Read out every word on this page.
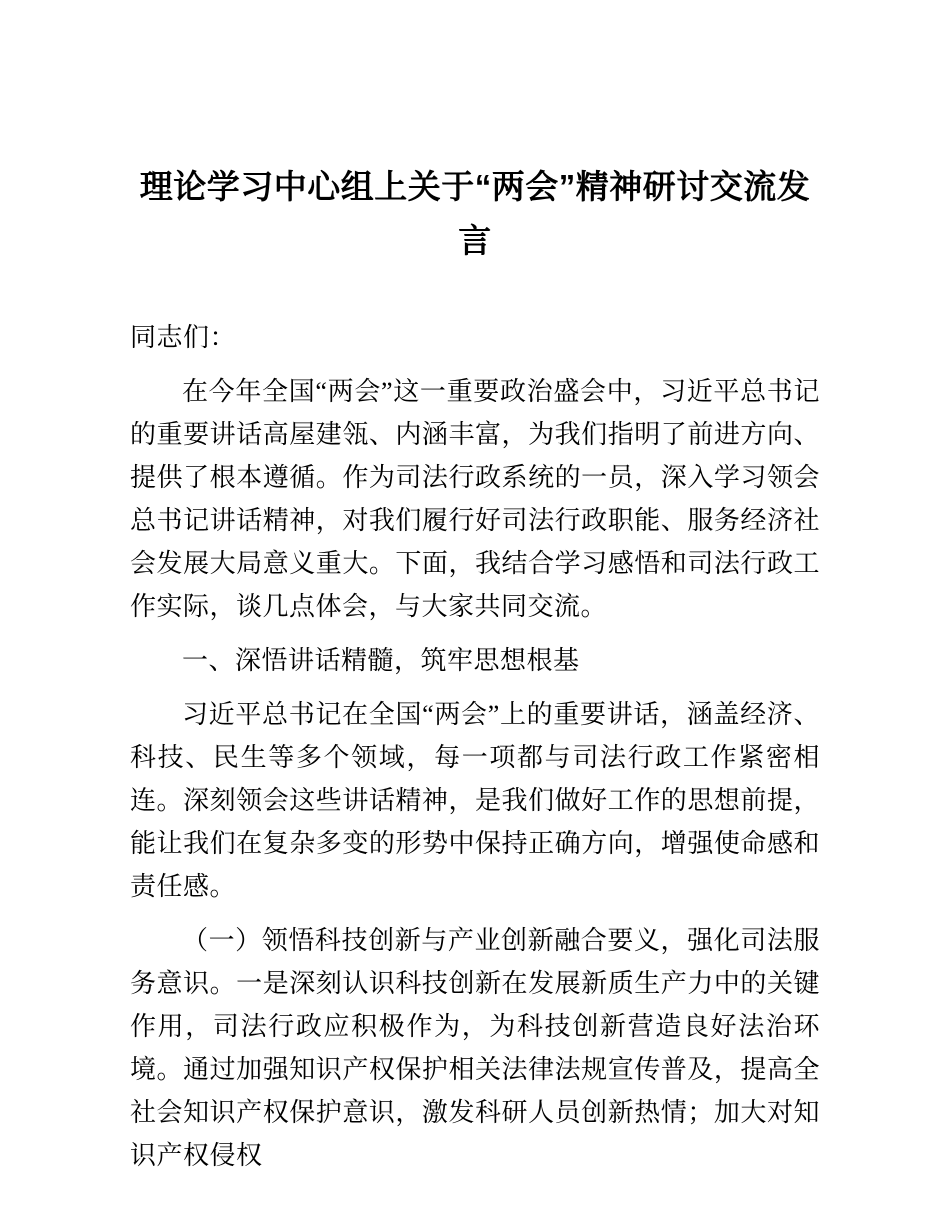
理论学习中心组上关于“两会”精神研讨交流发言

同志们：

在今年全国“两会”这一重要政治盛会中，习近平总书记的重要讲话高屋建瓴、内涵丰富，为我们指明了前进方向、提供了根本遵循。作为司法行政系统的一员，深入学习领会总书记讲话精神，对我们履行好司法行政职能、服务经济社会发展大局意义重大。下面，我结合学习感悟和司法行政工作实际，谈几点体会，与大家共同交流。

一、深悟讲话精髓，筑牢思想根基

习近平总书记在全国“两会”上的重要讲话，涵盖经济、科技、民生等多个领域，每一项都与司法行政工作紧密相连。深刻领会这些讲话精神，是我们做好工作的思想前提，能让我们在复杂多变的形势中保持正确方向，增强使命感和责任感。

（一）领悟科技创新与产业创新融合要义，强化司法服务意识。一是深刻认识科技创新在发展新质生产力中的关键作用，司法行政应积极作为，为科技创新营造良好法治环境。通过加强知识产权保护相关法律法规宣传普及，提高全社会知识产权保护意识，激发科研人员创新热情；加大对知识产权侵权
